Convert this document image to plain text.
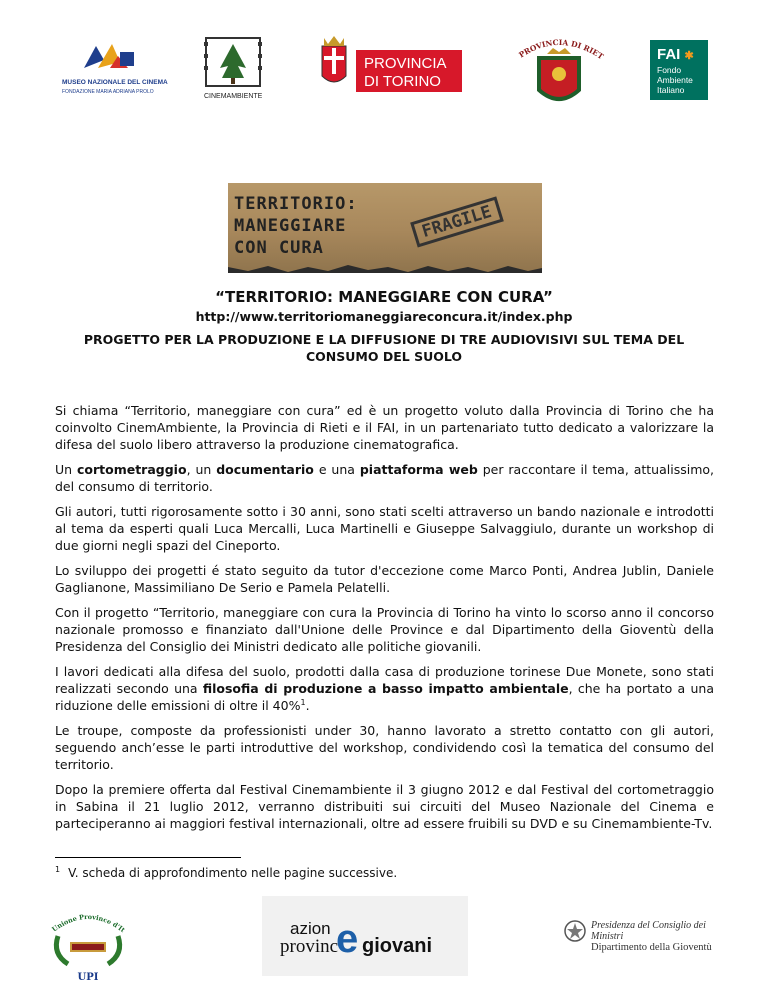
MUSEO NAZIONALE DEL CINEMA
FONDAZIONE MARIA ADRIANA PROLO
CINEMAMBIENTE
PROVINCIA
DI TORINO
PROVINCIA DI RIET	FAI ✱
Fondo
Ambiente
Italiano
TERRITORIO:
MANEGGIARE
CON CURA
FRAGILE
“TERRITORIO: MANEGGIARE CON CURA”
http://www.territoriomaneggiareconcura.it/index.php
PROGETTO PER LA PRODUZIONE E LA DIFFUSIONE DI TRE AUDIOVISIVI SUL TEMA DEL CONSUMO DEL SUOLO

Si chiama “Territorio, maneggiare con cura” ed è un progetto voluto dalla Provincia di Torino che ha coinvolto CinemAmbiente, la Provincia di Rieti e il FAI, in un partenariato tutto dedicato a valorizzare la difesa del suolo libero attraverso la produzione cinematografica.

Un cortometraggio, un documentario e una piattaforma web per raccontare il tema, attualissimo, del consumo di territorio.

Gli autori, tutti rigorosamente sotto i 30 anni, sono stati scelti attraverso un bando nazionale e introdotti al tema da esperti quali Luca Mercalli, Luca Martinelli e Giuseppe Salvaggiulo, durante un workshop di due giorni negli spazi del Cineporto.

Lo sviluppo dei progetti é stato seguito da tutor d'eccezione come Marco Ponti, Andrea Jublin, Daniele Gaglianone, Massimiliano De Serio e Pamela Pelatelli.

Con il progetto “Territorio, maneggiare con cura la Provincia di Torino ha vinto lo scorso anno il concorso nazionale promosso e finanziato dall'Unione delle Province e dal Dipartimento della Gioventù della Presidenza del Consiglio dei Ministri dedicato alle politiche giovanili.

I lavori dedicati alla difesa del suolo, prodotti dalla casa di produzione torinese Due Monete, sono stati realizzati secondo una filosofia di produzione a basso impatto ambientale, che ha portato a una riduzione delle emissioni di oltre il 40%$^1$.

Le troupe, composte da professionisti under 30, hanno lavorato a stretto contatto con gli autori, seguendo anch’esse le parti introduttive del workshop, condividendo così la tematica del consumo del territorio.

Dopo la premiere offerta dal Festival Cinemambiente il 3 giugno 2012 e dal Festival del cortometraggio in Sabina il 21 luglio 2012, verranno distribuiti sui circuiti del Museo Nazionale del Cinema e parteciperanno ai maggiori festival internazionali, oltre ad essere fruibili su DVD e su Cinemambiente-Tv.

$^1$ V. scheda di approfondimento nelle pagine successive.
Unione Province d'It
UPI
azion
provinc
e giovani
Presidenza del Consiglio dei Ministri
Dipartimento della Gioventù
